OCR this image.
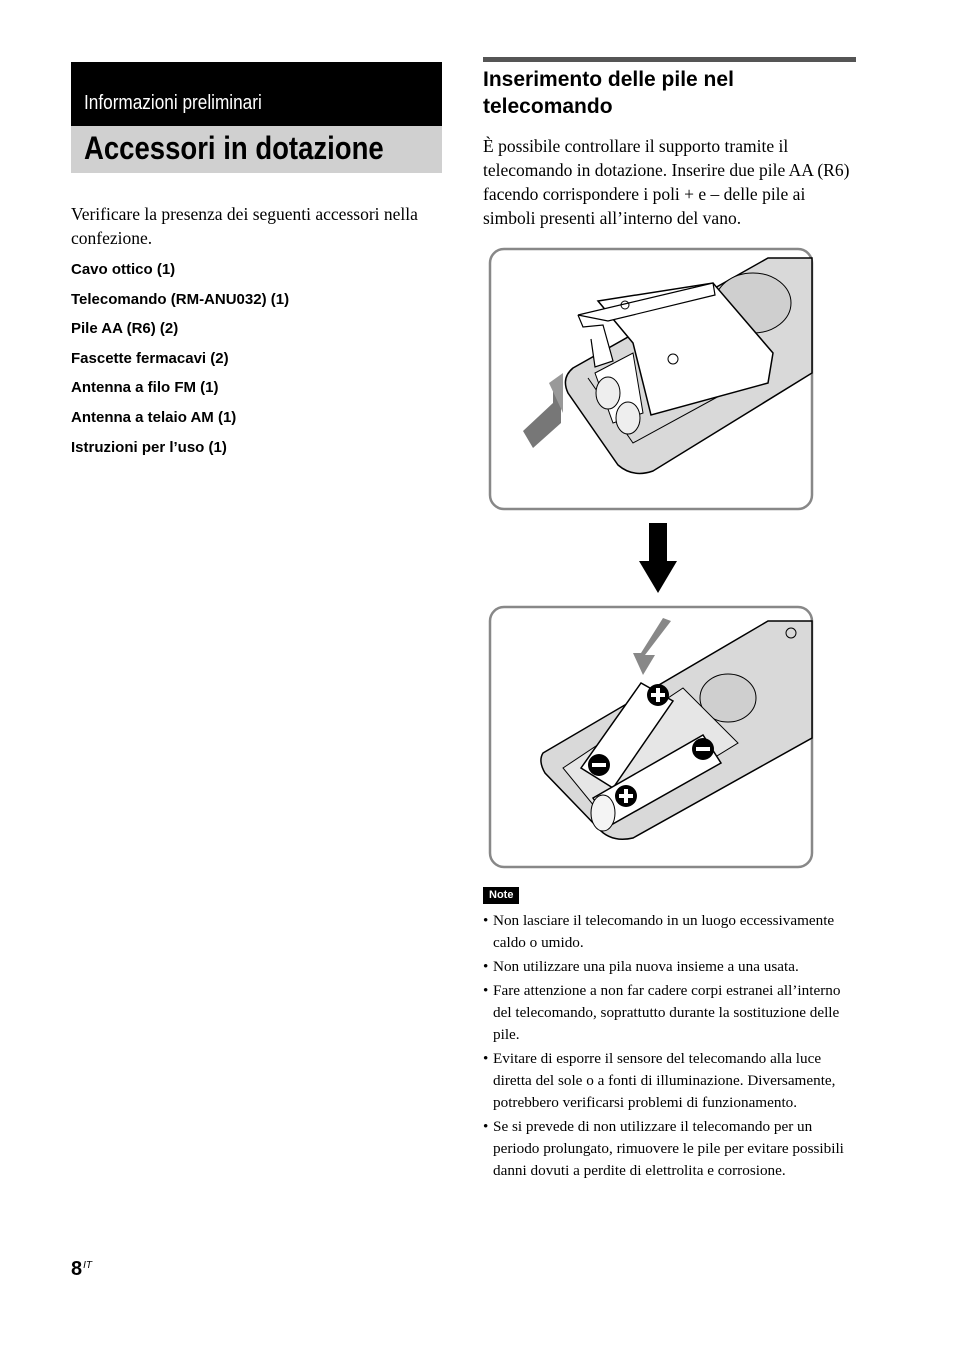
Informazioni preliminari
Accessori in dotazione
Verificare la presenza dei seguenti accessori nella confezione.
Cavo ottico (1)
Telecomando (RM-ANU032) (1)
Pile AA (R6) (2)
Fascette fermacavi (2)
Antenna a filo FM (1)
Antenna a telaio AM (1)
Istruzioni per l’uso (1)
Inserimento delle pile nel telecomando
È possibile controllare il supporto tramite il telecomando in dotazione. Inserire due pile AA (R6) facendo corrispondere i poli + e – delle pile ai simboli presenti all’interno del vano.
Note
• Non lasciare il telecomando in un luogo eccessivamente caldo o umido.
• Non utilizzare una pila nuova insieme a una usata.
• Fare attenzione a non far cadere corpi estranei all’interno del telecomando, soprattutto durante la sostituzione delle pile.
• Evitare di esporre il sensore del telecomando alla luce diretta del sole o a fonti di illuminazione. Diversamente, potrebbero verificarsi problemi di funzionamento.
• Se si prevede di non utilizzare il telecomando per un periodo prolungato, rimuovere le pile per evitare possibili danni dovuti a perdite di elettrolita e corrosione.
$8^{IT}$
